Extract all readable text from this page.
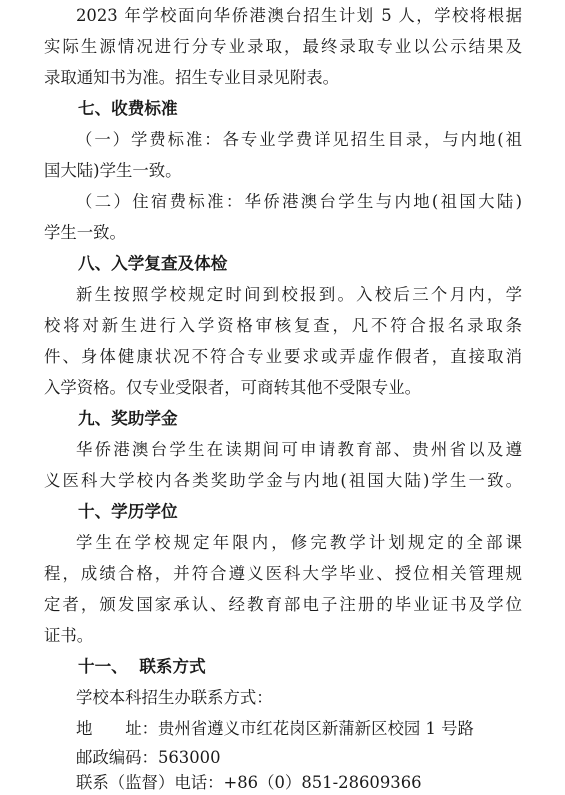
2023 年学校面向华侨港澳台招生计划 5 人，学校将根据
实际生源情况进行分专业录取，最终录取专业以公示结果及
录取通知书为准。招生专业目录见附表。
七、收费标准
（一）学费标准：各专业学费详见招生目录，与内地(祖
国大陆)学生一致。
（二）住宿费标准：华侨港澳台学生与内地(祖国大陆)
学生一致。
八、入学复查及体检
新生按照学校规定时间到校报到。入校后三个月内，学
校将对新生进行入学资格审核复查，凡不符合报名录取条
件、身体健康状况不符合专业要求或弄虚作假者，直接取消
入学资格。仅专业受限者，可商转其他不受限专业。
九、奖助学金
华侨港澳台学生在读期间可申请教育部、贵州省以及遵
义医科大学校内各类奖助学金与内地(祖国大陆)学生一致。
十、学历学位
学生在学校规定年限内，修完教学计划规定的全部课
程，成绩合格，并符合遵义医科大学毕业、授位相关管理规
定者，颁发国家承认、经教育部电子注册的毕业证书及学位
证书。
十一、  联系方式
学校本科招生办联系方式：
地 址： 贵州省遵义市红花岗区新蒲新区校园 1 号路
邮政编码： 563000
联系（监督）电话： +86（0）851-28609366
